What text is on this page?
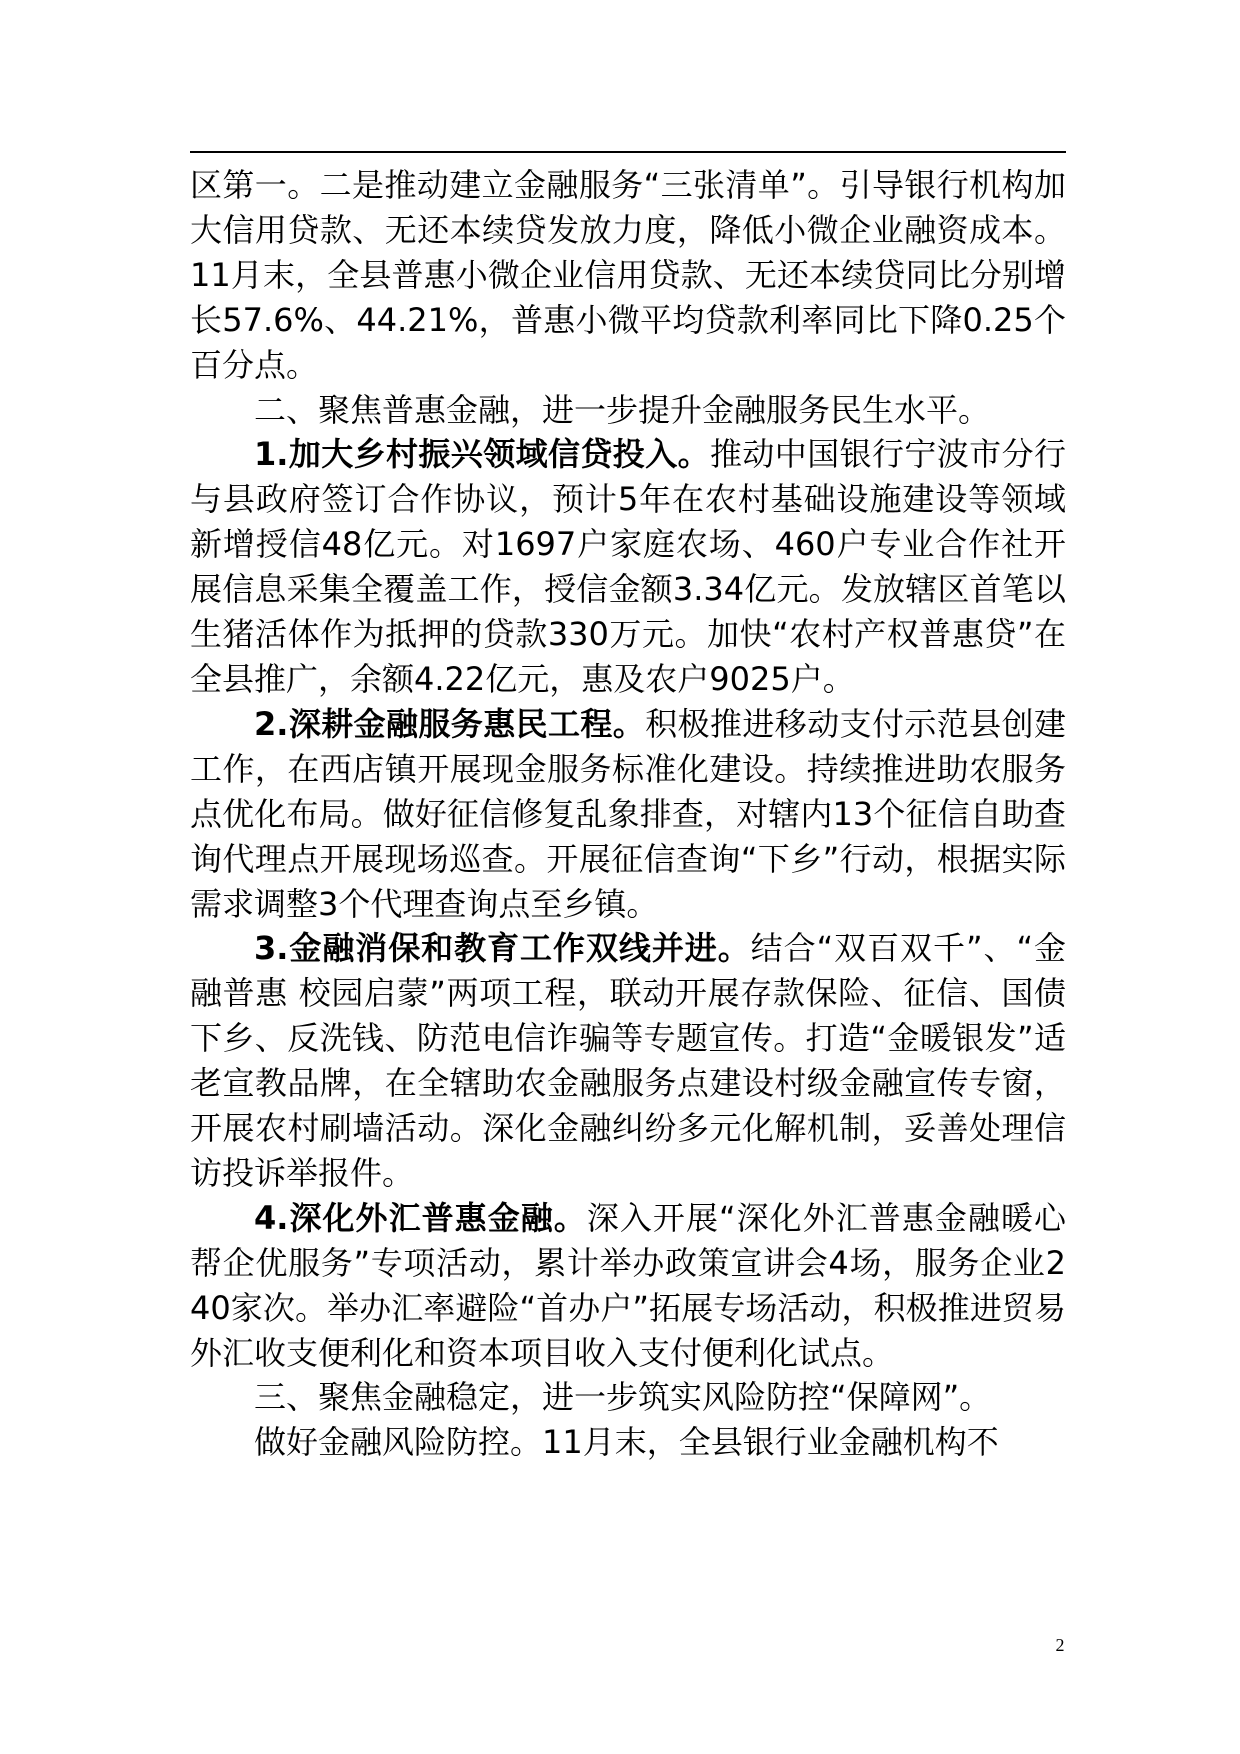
区第一。二是推动建立金融服务“三张清单”。引导银行机构加大信用贷款、无还本续贷发放力度，降低小微企业融资成本。11月末，全县普惠小微企业信用贷款、无还本续贷同比分别增长57.6%、44.21%，普惠小微平均贷款利率同比下降0.25个百分点。

二、聚焦普惠金融，进一步提升金融服务民生水平。

1.加大乡村振兴领域信贷投入。推动中国银行宁波市分行与县政府签订合作协议，预计5年在农村基础设施建设等领域新增授信48亿元。对1697户家庭农场、460户专业合作社开展信息采集全覆盖工作，授信金额3.34亿元。发放辖区首笔以生猪活体作为抵押的贷款330万元。加快“农村产权普惠贷”在全县推广，余额4.22亿元，惠及农户9025户。

2.深耕金融服务惠民工程。积极推进移动支付示范县创建工作，在西店镇开展现金服务标准化建设。持续推进助农服务点优化布局。做好征信修复乱象排查，对辖内13个征信自助查询代理点开展现场巡查。开展征信查询“下乡”行动，根据实际需求调整3个代理查询点至乡镇。

3.金融消保和教育工作双线并进。结合“双百双千”、“金融普惠 校园启蒙”两项工程，联动开展存款保险、征信、国债下乡、反洗钱、防范电信诈骗等专题宣传。打造“金暖银发”适老宣教品牌，在全辖助农金融服务点建设村级金融宣传专窗，开展农村刷墙活动。深化金融纠纷多元化解机制，妥善处理信访投诉举报件。

4.深化外汇普惠金融。深入开展“深化外汇普惠金融暖心帮企优服务”专项活动，累计举办政策宣讲会4场，服务企业240家次。举办汇率避险“首办户”拓展专场活动，积极推进贸易外汇收支便利化和资本项目收入支付便利化试点。

三、聚焦金融稳定，进一步筑实风险防控“保障网”。

做好金融风险防控。11月末，全县银行业金融机构不

2
